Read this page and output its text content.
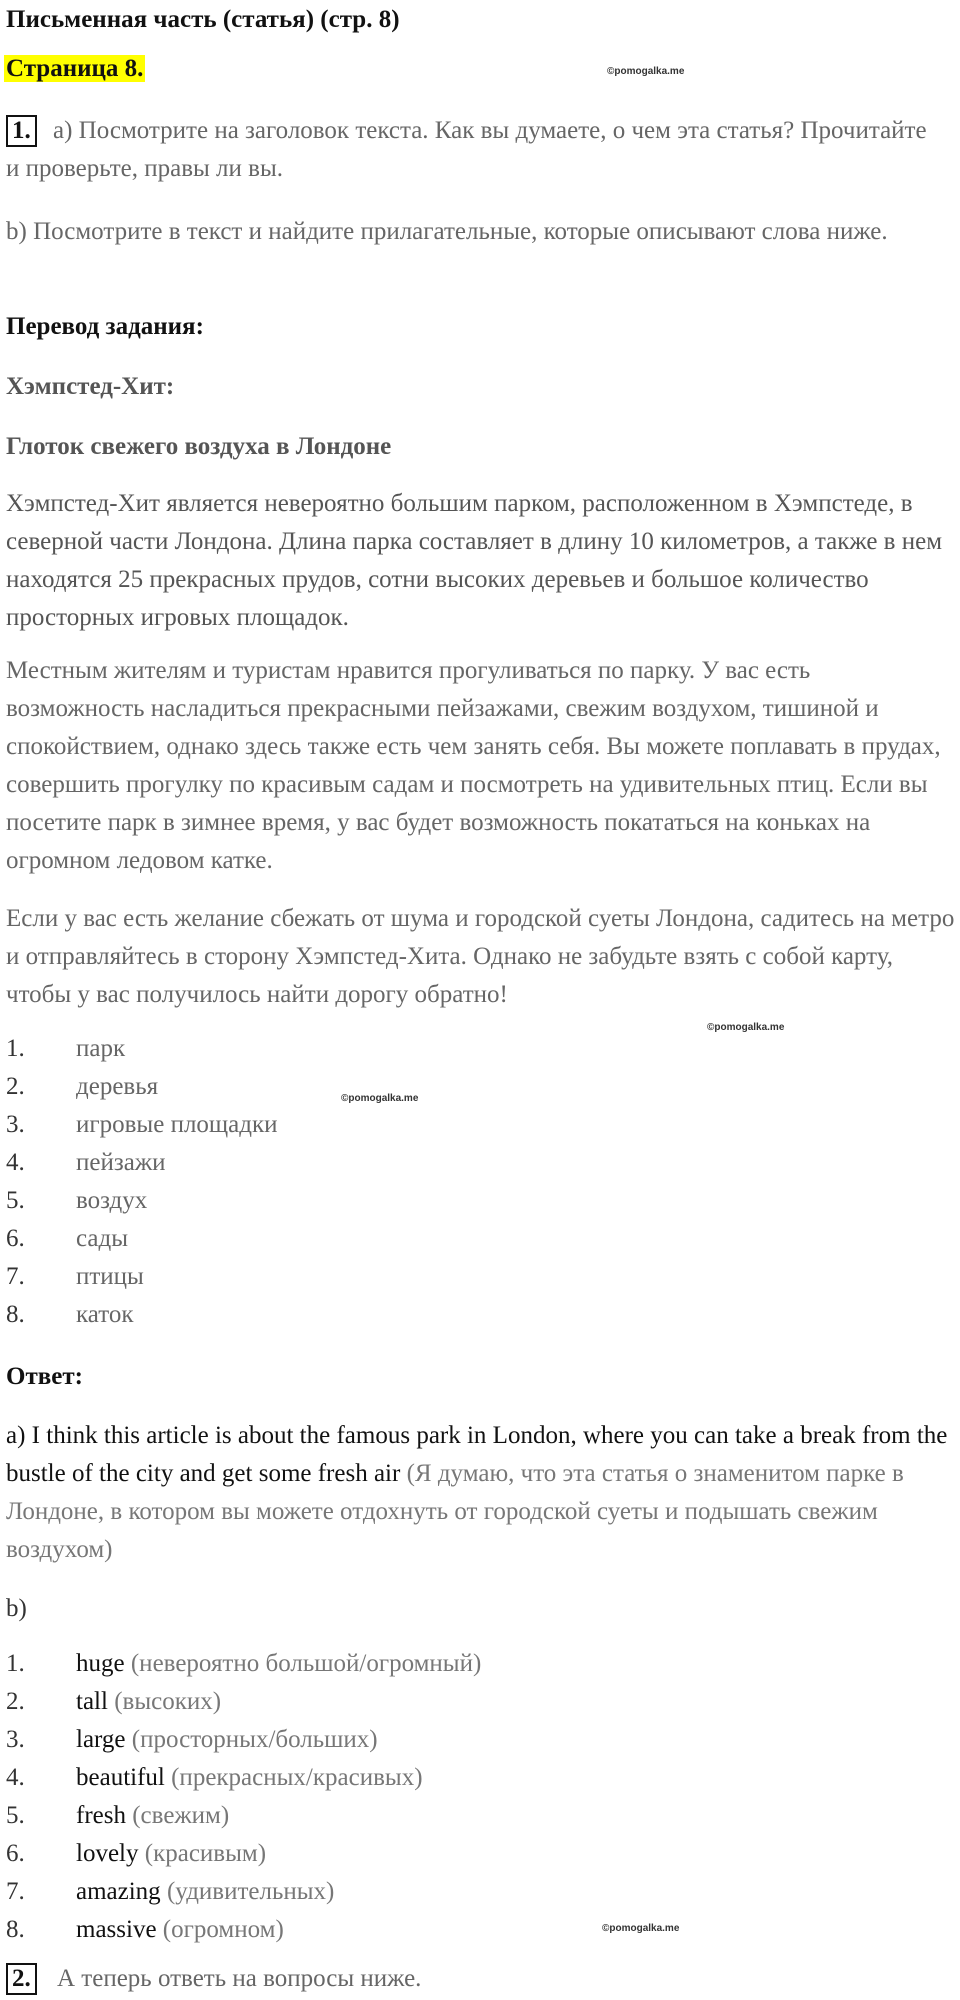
Письменная часть (статья) (стр. 8)
Страница 8.	©pomogalka.me
1. a) Посмотрите на заголовок текста. Как вы думаете, о чем эта статья? Прочитайте и проверьте, правы ли вы.
b) Посмотрите в текст и найдите прилагательные, которые описывают слова ниже.
Перевод задания:
Хэмпстед-Хит:
Глоток свежего воздуха в Лондоне
Хэмпстед-Хит является невероятно большим парком, расположенном в Хэмпстеде, в северной части Лондона. Длина парка составляет в длину 10 километров, а также в нем находятся 25 прекрасных прудов, сотни высоких деревьев и большое количество просторных игровых площадок.
Местным жителям и туристам нравится прогуливаться по парку. У вас есть возможность насладиться прекрасными пейзажами, свежим воздухом, тишиной и спокойствием, однако здесь также есть чем занять себя. Вы можете поплавать в прудах, совершить прогулку по красивым садам и посмотреть на удивительных птиц. Если вы посетите парк в зимнее время, у вас будет возможность покататься на коньках на огромном ледовом катке.
Если у вас есть желание сбежать от шума и городской суеты Лондона, садитесь на метро и отправляйтесь в сторону Хэмпстед-Хита. Однако не забудьте взять с собой карту, чтобы у вас получилось найти дорогу обратно!
©pomogalka.me
1. парк
2. деревья
3. игровые площадки
4. пейзажи
5. воздух
6. сады
7. птицы
8. каток
©pomogalka.me
Ответ:
a) I think this article is about the famous park in London, where you can take a break from the bustle of the city and get some fresh air (Я думаю, что эта статья о знаменитом парке в Лондоне, в котором вы можете отдохнуть от городской суеты и подышать свежим воздухом)
b)
1. huge (невероятно большой/огромный)
2. tall (высоких)
3. large (просторных/больших)
4. beautiful (прекрасных/красивых)
5. fresh (свежим)
6. lovely (красивым)
7. amazing (удивительных)
8. massive (огромном)	©pomogalka.me
2. А теперь ответь на вопросы ниже.
